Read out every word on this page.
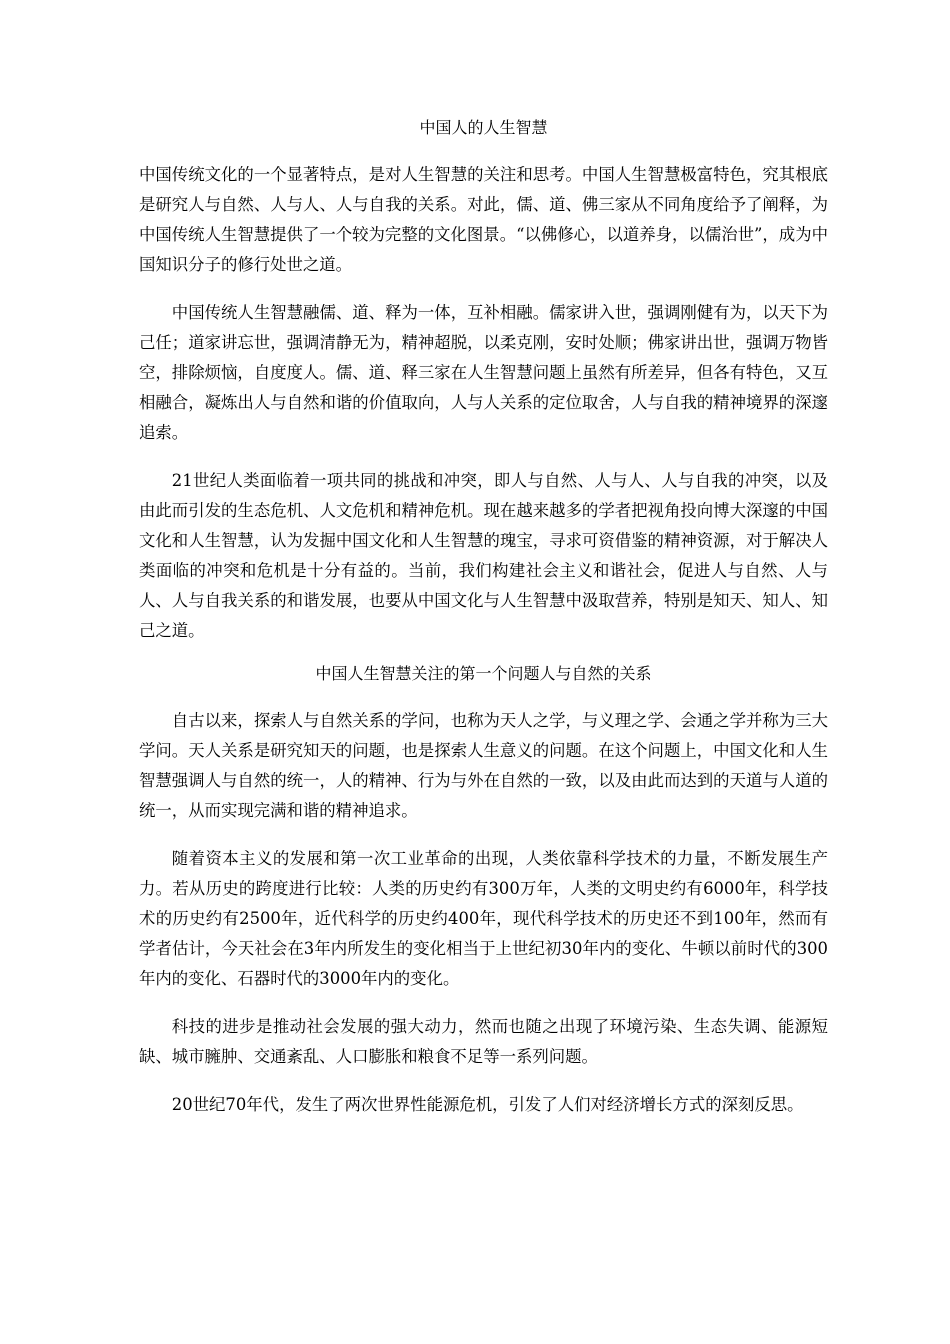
中国人的人生智慧

中国传统文化的一个显著特点，是对人生智慧的关注和思考。中国人生智慧极富特色，究其根底是研究人与自然、人与人、人与自我的关系。对此，儒、道、佛三家从不同角度给予了阐释，为中国传统人生智慧提供了一个较为完整的文化图景。“以佛修心，以道养身，以儒治世”，成为中国知识分子的修行处世之道。

中国传统人生智慧融儒、道、释为一体，互补相融。儒家讲入世，强调刚健有为，以天下为己任；道家讲忘世，强调清静无为，精神超脱，以柔克刚，安时处顺；佛家讲出世，强调万物皆空，排除烦恼，自度度人。儒、道、释三家在人生智慧问题上虽然有所差异，但各有特色，又互相融合，凝炼出人与自然和谐的价值取向，人与人关系的定位取舍，人与自我的精神境界的深邃追索。

21世纪人类面临着一项共同的挑战和冲突，即人与自然、人与人、人与自我的冲突，以及由此而引发的生态危机、人文危机和精神危机。现在越来越多的学者把视角投向博大深邃的中国文化和人生智慧，认为发掘中国文化和人生智慧的瑰宝，寻求可资借鉴的精神资源，对于解决人类面临的冲突和危机是十分有益的。当前，我们构建社会主义和谐社会，促进人与自然、人与人、人与自我关系的和谐发展，也要从中国文化与人生智慧中汲取营养，特别是知天、知人、知己之道。

中国人生智慧关注的第一个问题人与自然的关系

自古以来，探索人与自然关系的学问，也称为天人之学，与义理之学、会通之学并称为三大学问。天人关系是研究知天的问题，也是探索人生意义的问题。在这个问题上，中国文化和人生智慧强调人与自然的统一，人的精神、行为与外在自然的一致，以及由此而达到的天道与人道的统一，从而实现完满和谐的精神追求。

随着资本主义的发展和第一次工业革命的出现，人类依靠科学技术的力量，不断发展生产力。若从历史的跨度进行比较：人类的历史约有300万年，人类的文明史约有6000年，科学技术的历史约有2500年，近代科学的历史约400年，现代科学技术的历史还不到100年，然而有学者估计，今天社会在3年内所发生的变化相当于上世纪初30年内的变化、牛顿以前时代的300年内的变化、石器时代的3000年内的变化。

科技的进步是推动社会发展的强大动力，然而也随之出现了环境污染、生态失调、能源短缺、城市臃肿、交通紊乱、人口膨胀和粮食不足等一系列问题。

20世纪70年代，发生了两次世界性能源危机，引发了人们对经济增长方式的深刻反思。
